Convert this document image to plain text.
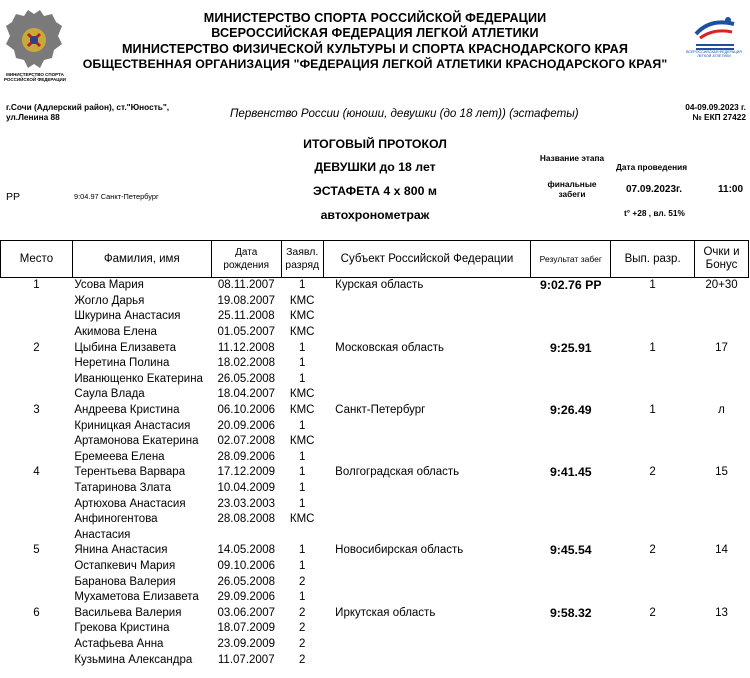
МИНИСТЕРСТВО СПОРТА РОССИЙСКОЙ ФЕДЕРАЦИИ
ВСЕРОССИЙСКАЯ ФЕДЕРАЦИЯ ЛЕГКОЙ АТЛЕТИКИ
МИНИСТЕРСТВО СПОРТА РОССИЙСКОЙ ФЕДЕРАЦИИ
ВСЕРОССИЙСКАЯ ФЕДЕРАЦИЯ ЛЕГКОЙ АТЛЕТИКИ
МИНИСТЕРСТВО ФИЗИЧЕСКОЙ КУЛЬТУРЫ И СПОРТА КРАСНОДАРСКОГО КРАЯ
ОБЩЕСТВЕННАЯ ОРГАНИЗАЦИЯ "ФЕДЕРАЦИЯ ЛЕГКОЙ АТЛЕТИКИ КРАСНОДАРСКОГО КРАЯ"
г.Сочи (Адлерский район), ст."Юность",
ул.Ленина 88	Первенство России (юноши, девушки (до 18 лет)) (эстафеты)	04-09.09.2023 г.
№ ЕКП 27422
ИТОГОВЫЙ ПРОТОКОЛ
ДЕВУШКИ до 18 лет
ЭСТАФЕТА 4 х 800 м
автохронометраж
РР	9:04.97 Санкт-Петербург
Название этапа
финальные забеги
Дата проведения
07.09.2023г.	11:00
t° +28 , вл. 51%
Место	Фамилия, имя	Дата рождения	Заявл. разряд	Субъект Российской Федерации	Результат забег	Вып. разр.	Очки и Бонус
1	Усова Мария	08.11.2007	1	Курская область	9:02.76 РР	1	20+30
	Жогло Дарья	19.08.2007	КМС				
	Шкурина Анастасия	25.11.2008	КМС				
	Акимова Елена	01.05.2007	КМС				
2	Цыбина Елизавета	11.12.2008	1	Московская область	9:25.91	1	17
	Неретина Полина	18.02.2008	1				
	Иванющенко Екатерина	26.05.2008	1				
	Саула Влада	18.04.2007	КМС				
3	Андреева Кристина	06.10.2006	КМС	Санкт-Петербург	9:26.49	1	л
	Криницкая Анастасия	20.09.2006	1				
	Артамонова Екатерина	02.07.2008	КМС				
	Еремеева Елена	28.09.2006	1				
4	Терентьева Варвара	17.12.2009	1	Волгоградская область	9:41.45	2	15
	Татаринова Злата	10.04.2009	1				
	Артюхова Анастасия	23.03.2003	1				
	Анфиногентова	28.08.2008	КМС				
	Анастасия						
5	Янина Анастасия	14.05.2008	1	Новосибирская область	9:45.54	2	14
	Остапкевич Мария	09.10.2006	1				
	Баранова Валерия	26.05.2008	2				
	Мухаметова Елизавета	29.09.2006	1				
6	Васильева Валерия	03.06.2007	2	Иркутская область	9:58.32	2	13
	Грекова Кристина	18.07.2009	2				
	Астафьева Анна	23.09.2009	2				
	Кузьмина Александра	11.07.2007	2				
